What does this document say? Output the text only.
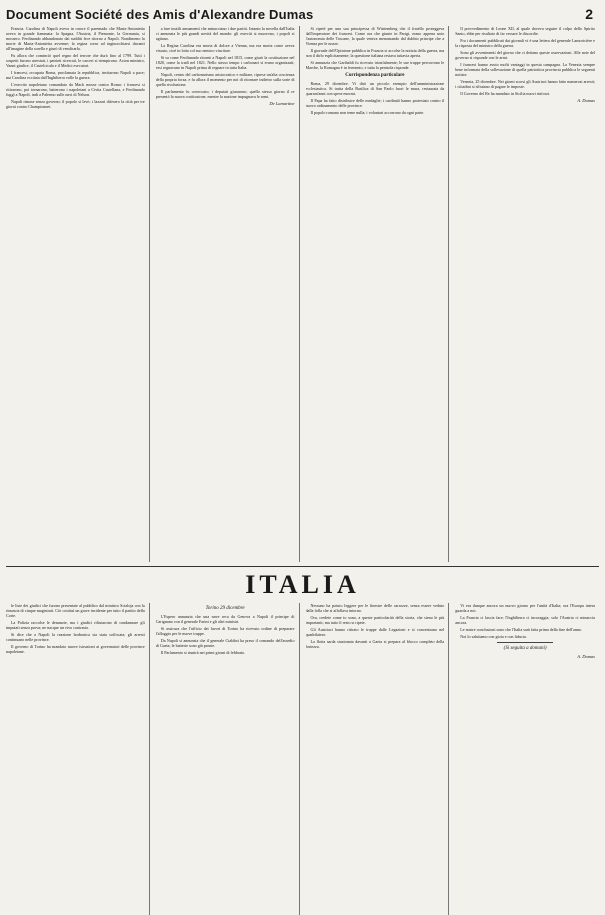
Document Société des Amis d'Alexandre Dumas	2

Francia. Carolina di Napoli aveva in orrore il parentado che Maria-Antonietta aveva in grande fiammata: la Spagna, l'Austria, il Piemonte, la Germania, si mossero. Ferdinando abbandonato dai sudditi fece ritorno a Napoli. Nondimeno la morte di Maria-Antonietta avvenne; la regina corse ad inginocchiarsi davanti all'imagine della sorella e giurò di vendicarla.

Fu allora che cominciò quel regno del terrore che durò fino al 1799. Tutti i sospetti furono arrestati, i patrioti ricercati, le carceri si riempirono. Acton ministro, Vanni giudice, il Castelcicala e il Medici esecutori.

I francesi, occupata Roma, proclamata la repubblica, invitarono Napoli a pace; ma Carolina eccitata dall'Inghilterra volle la guerra.

L'esercito napoletano comandato da Mack mosse contro Roma: i francesi si ritirarono, poi tornarono, batterono i napoletani a Civita Castellana, e Ferdinando fuggì a Napoli, indi a Palermo sulle navi di Nelson.

Napoli rimase senza governo; il popolo si levò; i lazzari difesero la città per tre giorni contro Championnet.

a fare inutili armamenti che minacciano i due partiti. Intanto la novella dall'Italia ci annunzia le più grandi novità del mondo: gli eserciti si muovono, i popoli si agitano.

La Regina Carolina era morta di dolore a Vienna, ma era morta come aveva vissuto, cioè in lotta col suo nemico vincitore.

Si sa come Ferdinando ritornò a Napoli nel 1815, come giurò la costituzione nel 1820, come la tradì nel 1821. Nello stesso tempo i carbonari si erano organizzati; essi regnavano in Napoli prima di regnare in tutta Italia.

Napoli, centro del carbonarismo aristocratico e militare, riprese un'alta coscienza della propria forza, e fu allora il momento per noi di ritornare indietro sulla sorte di quella rivoluzione.

Il parlamento fu convocato; i deputati giurarono; quello stesso giorno il re presentò la nuova costituzione, mentre la nazione impugnava le armi.

De Lamartine

Si ripeté per una sua principessa di Würtemberg che il fratello proteggeva dall'imperatore dei francesi. Come ora che giunte in Parigi, erano appena noto l'autonomia delle Toscane, la quale veniva menomando dal dubbio principe che a Vienna per le nozze.

Il giornale dell'Opinione pubblica in Francia si accolse la notizia della guerra, ma non il dirlo esplicitamente; la questione italiana restava tuttavia aperta.

Si annunzia che Garibaldi fu ricevuto trionfalmente; le sue truppe percorrono le Marche, la Romagna è in fermento, e tutta la penisola risponde.

Corrispondenza particolare

Roma, 29 dicembre. Vi dirò un piccolo esempio dell'amministrazione ecclesiastica. Si tratta della Basilica di San Paolo fuori le mura, restaurata da quarant'anni con spese enormi.

Il Papa ha fatto distribuire delle medaglie; i cardinali hanno protestato contro il nuovo ordinamento delle province.

Il popolo romano non teme nulla; i volontari accorrono da ogni parte.

Il provvedimento di Leone XII, al quale doveva seguire il colpo dello Spirito Santo, ebbe per risultato di far cessare le discordie.

Fra i documenti pubblicati dai giornali vi è una lettera del generale Lamoricière e la risposta del ministro della guerra.

Sono gli avvenimenti del giorno che ci dettano queste osservazioni. Alle note del governo si risponde con le armi.

I francesi hanno avuto molti vantaggi in questa campagna. La Venezia sempre bene informata della sollevazione di quella patriottica provincia pubblica le seguenti notizie.

Venezia, 25 dicembre. Nei giorni scorsi gli Austriaci hanno fatto numerosi arresti; i cittadini si rifiutano di pagare le imposte.

Il Governo del Re ha mandato in Sicilia nuovi rinforzi.

A. Dumas
ITALIA

le liste dei giudici che furono presentate al pubblico dal ministro Scialoja con la rinuncia di cinque magistrati. Ciò costituì un grave incidente per tutto il partito della Corte.

La Polizia raccolse le denunzie, ma i giudici rifiutarono di condannare gli imputati senza prova; ne nacque un vivo contrasto.

Si dice che a Napoli la reazione borbonica sia stata soffocata; gli arresti continuano nelle province.

Il governo di Torino ha mandato nuove istruzioni ai governatori delle province napoletane.

Torino 29 dicembre

L'Espero annunzia che una nave reca da Genova a Napoli il principe di Carignano con il generale Farini e gli altri ministri.

Si assicura che l'ufficio dei lavori di Torino ha ricevuto ordine di preparare l'alloggio per le nuove truppe.

Da Napoli si annunzia che il generale Cialdini ha preso il comando dell'assedio di Gaeta; le batterie sono già pronte.

Il Parlamento si riunirà nei primi giorni di febbraio.

Nessuno ha potuto leggere per le finestre delle carrozze, senza essere veduto dalla folla che si affollava intorno.

Ora, credete come io sono, a queste particolarità della storia, che sieno le più importanti; ma tutto il resto si ripete.

Gli Austriaci hanno ritirato le truppe dalle Legazioni e si concentrano nel quadrilatero.

La flotta sarda stazionata davanti a Gaeta si prepara al blocco completo della fortezza.

Vi era dunque ancora un nuovo giorno per l'unità d'Italia; ora l'Europa intera guarda a noi.

La Francia ci lascia fare; l'Inghilterra ci incoraggia; solo l'Austria ci minaccia ancora.

Le nostre conclusioni sono che l'Italia sarà fatta prima della fine dell'anno.

Noi lo salutiamo con gioia e con fiducia.

(Si seguita a domani)
A. Dumas
